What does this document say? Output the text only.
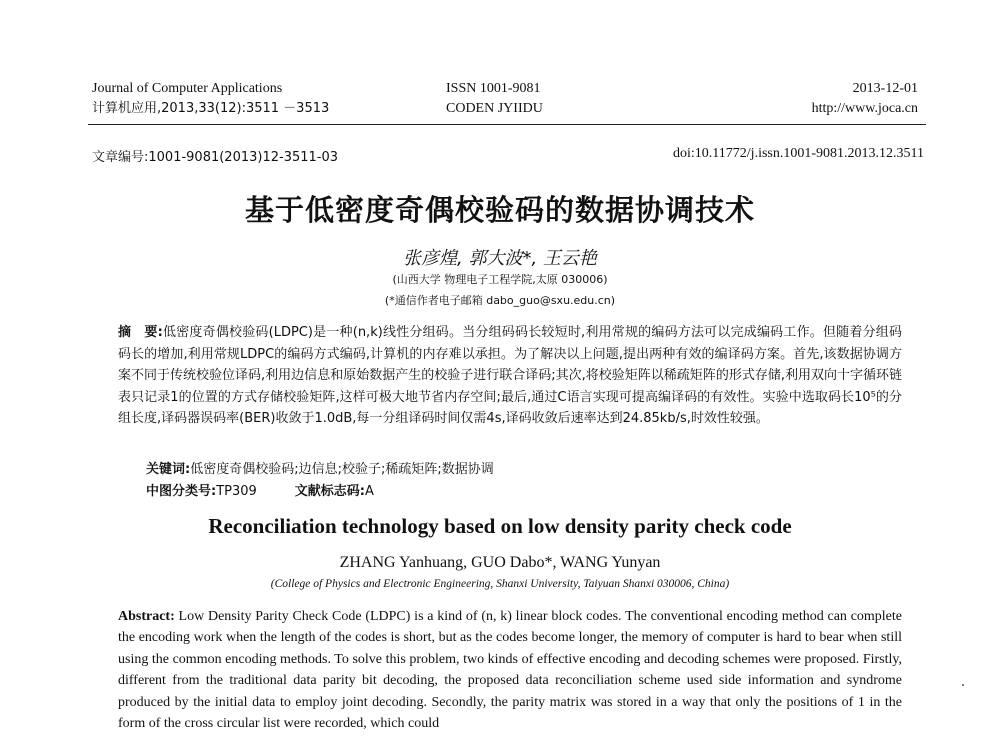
Journal of Computer Applications
计算机应用,2013,33(12):3511 －3513
ISSN 1001-9081
CODEN JYIIDU
2013-12-01
http://www.joca.cn
文章编号:1001-9081(2013)12-3511-03	doi:10.11772/j.issn.1001-9081.2013.12.3511
基于低密度奇偶校验码的数据协调技术
张彦煌, 郭大波*, 王云艳
(山西大学 物理电子工程学院,太原 030006)
(*通信作者电子邮箱 dabo_guo@sxu.edu.cn)
摘　要:低密度奇偶校验码(LDPC)是一种(n,k)线性分组码。当分组码码长较短时,利用常规的编码方法可以完成编码工作。但随着分组码码长的增加,利用常规LDPC的编码方式编码,计算机的内存难以承担。为了解决以上问题,提出两种有效的编译码方案。首先,该数据协调方案不同于传统校验位译码,利用边信息和原始数据产生的校验子进行联合译码;其次,将校验矩阵以稀疏矩阵的形式存储,利用双向十字循环链表只记录1的位置的方式存储校验矩阵,这样可极大地节省内存空间;最后,通过C语言实现可提高编译码的有效性。实验中选取码长10⁵的分组长度,译码器误码率(BER)收敛于1.0dB,每一分组译码时间仅需4s,译码收敛后速率达到24.85kb/s,时效性较强。
关键词:低密度奇偶校验码;边信息;校验子;稀疏矩阵;数据协调
中图分类号:TP309	文献标志码:A
Reconciliation technology based on low density parity check code
ZHANG Yanhuang, GUO Dabo*, WANG Yunyan
(College of Physics and Electronic Engineering, Shanxi University, Taiyuan Shanxi 030006, China)
Abstract: Low Density Parity Check Code (LDPC) is a kind of (n, k) linear block codes. The conventional encoding method can complete the encoding work when the length of the codes is short, but as the codes become longer, the memory of computer is hard to bear when still using the common encoding methods. To solve this problem, two kinds of effective encoding and decoding schemes were proposed. Firstly, different from the traditional data parity bit decoding, the proposed data reconciliation scheme used side information and syndrome produced by the initial data to employ joint decoding. Secondly, the parity matrix was stored in a way that only the positions of 1 in the form of the cross circular list were recorded, which could
